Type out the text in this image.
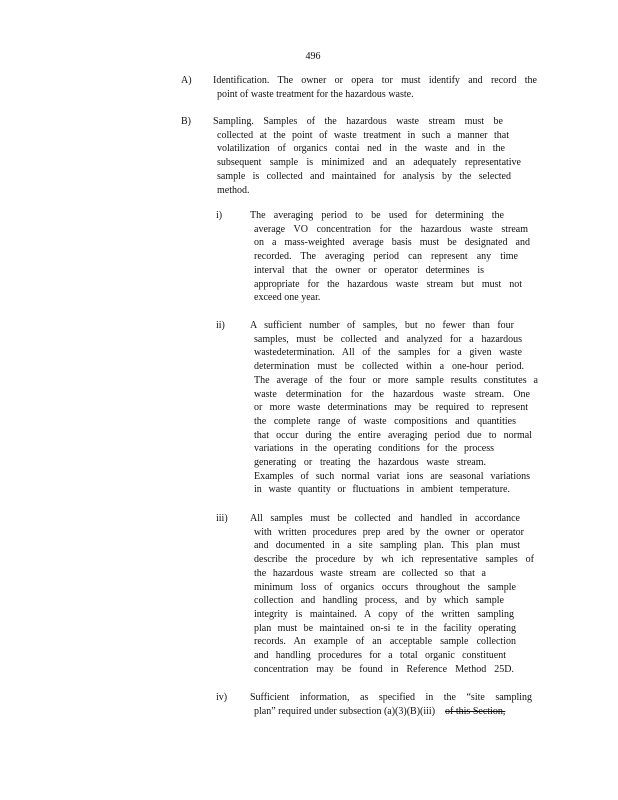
496
A) Identification. The owner or opera tor must identify and record the
point of waste treatment for the hazardous waste.
B) Sampling. Samples of the hazardous waste stream must be
collected at the point of waste treatment in such a manner that
volatilization of organics contai ned in the waste and in the
subsequent sample is minimized and an adequately representative
sample is collected and maintained for analysis by the selected
method.
i)	The averaging period to be used for determining the
average VO concentration for the hazardous waste stream
on a mass-weighted average basis must be designated and
recorded. The averaging period can represent any time
interval that the owner or operator determines is
appropriate for the hazardous waste stream but must not
exceed one year.
ii)	A sufficient number of samples, but no fewer than four
samples, must be collected and analyzed for a hazardous
wastedetermination. All of the samples for a given waste
determination must be collected within a one-hour period.
The average of the four or more sample results constitutes a
waste determination for the hazardous waste stream. One
or more waste determinations may be required to represent
the complete range of waste compositions and quantities
that occur during the entire averaging period due to normal
variations in the operating conditions for the process
generating or treating the hazardous waste stream.
Examples of such normal variat ions are seasonal variations
in waste quantity or fluctuations in ambient temperature.
iii) All samples must be collected and handled in accordance
with written procedures prep ared by the owner or operator
and documented in a site sampling plan. This plan must
describe the procedure by wh ich representative samples of
the hazardous waste stream are collected so that a
minimum loss of organics occurs throughout the sample
collection and handling process, and by which sample
integrity is maintained. A copy of the written sampling
plan must be maintained on-si te in the facility operating
records. An example of an acceptable sample collection
and handling procedures for a total organic constituent
concentration may be found in Reference Method 25D.
iv) Sufficient information, as specified in the “site sampling
plan” required under subsection (a)(3)(B)(iii) of this Section,
